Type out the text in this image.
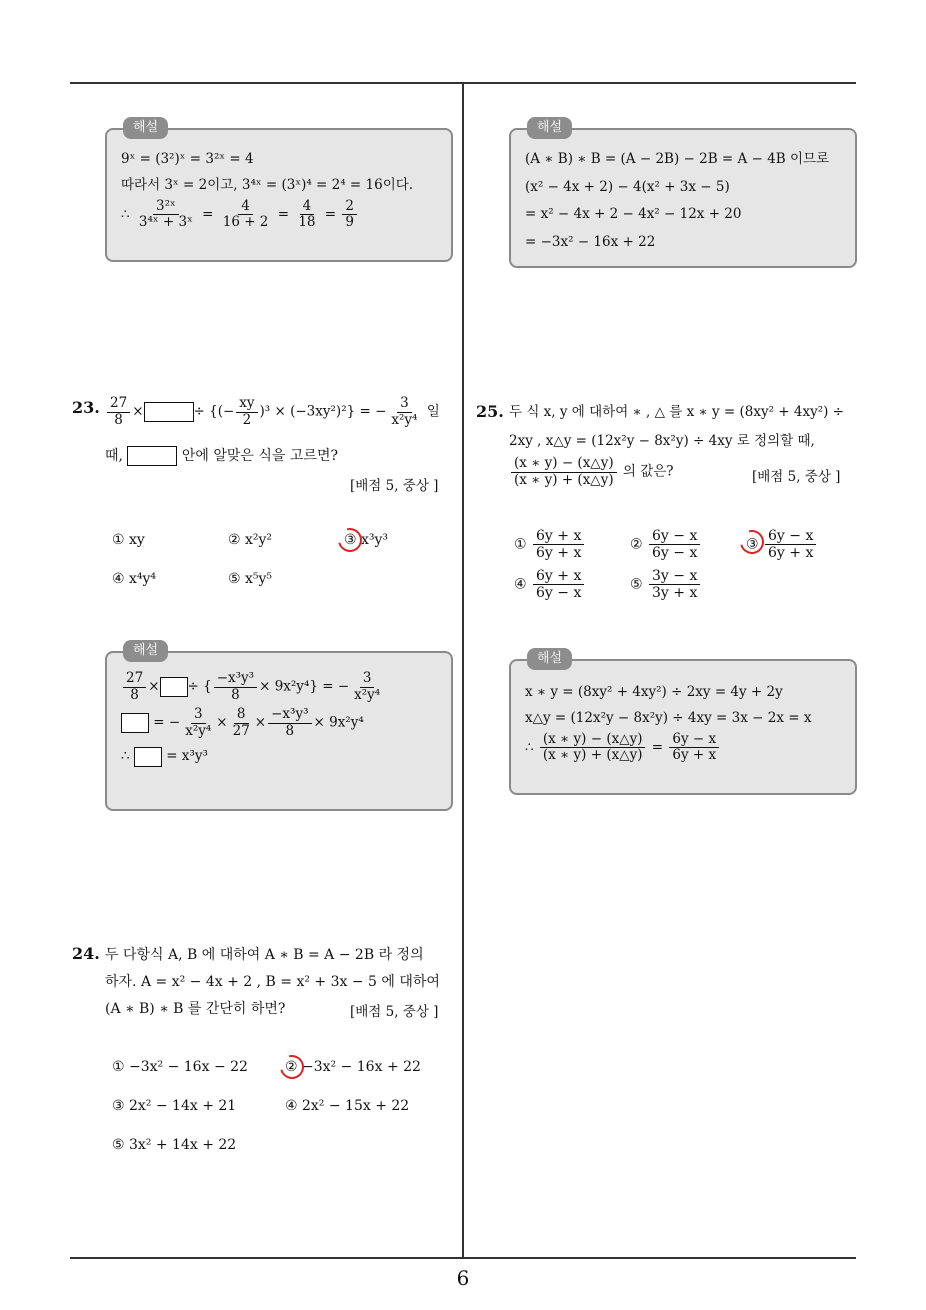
해설
9ˣ = (3²)ˣ = 3²ˣ = 4
따라서 3ˣ = 2이고, 3⁴ˣ = (3ˣ)⁴ = 2⁴ = 16이다.
∴ $\frac{\text{3²ˣ}}{\text{3⁴ˣ + 3ˣ}} = \frac{4}{16 + 2} = \frac{4}{18} = \frac{2}{9}$
해설
(A ∗ B) ∗ B = (A − 2B) − 2B = A − 4B 이므로
(x² − 4x + 2) − 4(x² + 3x − 5)
= x² − 4x + 2 − 4x² − 12x + 20
= −3x² − 16x + 22
23. $\frac{27}{8}$ ×	÷ {(− $\frac{xy}{2} )^3 \times (-3xy^2)^2$} = − $\frac{3}{\text{x²y⁴}}$ 일
때,	안에 알맞은 식을 고르면?
[배점 5, 중상 ]
① xy	② x²y²	③ x³y³
④ x⁴y⁴	⑤ x⁵y⁵
해설
$\frac{27}{8}$ × ÷ { $\frac{\text{−x³y³}}{8} \times 9x^2y^4$} = − $\frac{3}{\text{x²y⁴}}$
= − $\frac{3}{\text{x²y⁴}} \times \frac{8}{27} \times \frac{\text{−x³y³}}{8} \times 9x^2y^4$
∴	= x³y³
24. 두 다항식 A, B 에 대하여 A ∗ B = A − 2B 라 정의
하자. A = x² − 4x + 2 , B = x² + 3x − 5 에 대하여
(A ∗ B) ∗ B 를 간단히 하면?	[배점 5, 중상 ]
① −3x² − 16x − 22	② −3x² − 16x + 22
③ 2x² − 14x + 21	④ 2x² − 15x + 22
⑤ 3x² + 14x + 22
25. 두 식 x, y 에 대하여 ∗ , △ 를 x ∗ y = (8xy² + 4xy²) ÷
2xy , x△y = (12x²y − 8x²y) ÷ 4xy 로 정의할 때,
$\frac{(x ∗ y) - (x\triangle y)}{(x ∗ y) + (x\triangle y)}$ 의 값은?	[배점 5, 중상 ]
① $\frac{6y + x}{6y + x}$	② $\frac{6y - x}{6y - x}$	③ $\frac{6y - x}{6y + x}$
④ $\frac{6y + x}{6y - x}$	⑤ $\frac{3y - x}{3y + x}$
해설
x ∗ y = (8xy² + 4xy²) ÷ 2xy = 4y + 2y
x△y = (12x²y − 8x²y) ÷ 4xy = 3x − 2x = x
∴ $\frac{(x ∗ y) - (x\triangle y)}{(x ∗ y) + (x\triangle y)} = \frac{6y - x}{6y + x}$
6
